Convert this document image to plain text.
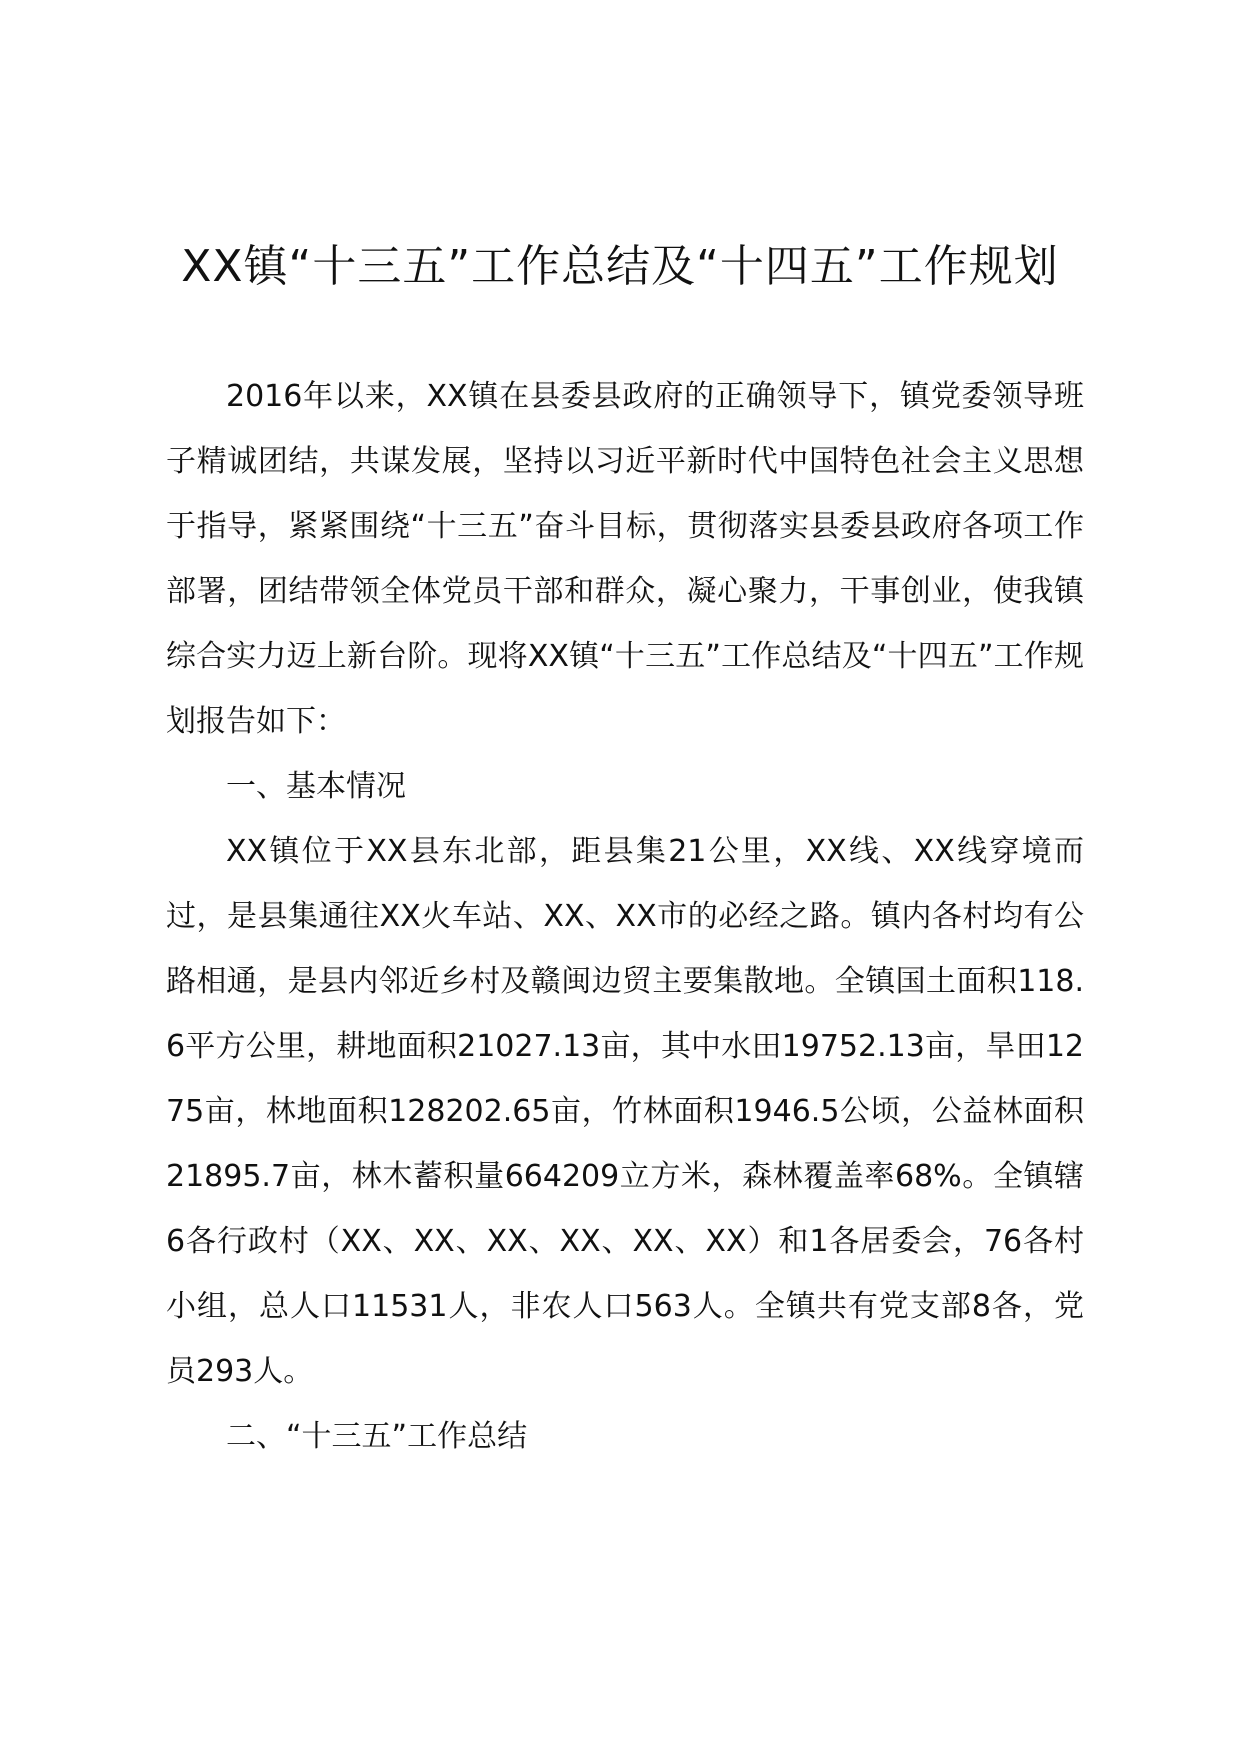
XX镇“十三五”工作总结及“十四五”工作规划

2016年以来，XX镇在县委县政府的正确领导下，镇党委领导班子精诚团结，共谋发展，坚持以习近平新时代中国特色社会主义思想于指导，紧紧围绕“十三五”奋斗目标，贯彻落实县委县政府各项工作部署，团结带领全体党员干部和群众，凝心聚力，干事创业，使我镇综合实力迈上新台阶。现将XX镇“十三五”工作总结及“十四五”工作规划报告如下：

一、基本情况

XX镇位于XX县东北部，距县集21公里，XX线、XX线穿境而过，是县集通往XX火车站、XX、XX市的必经之路。镇内各村均有公路相通，是县内邻近乡村及赣闽边贸主要集散地。全镇国土面积118.6平方公里，耕地面积21027.13亩，其中水田19752.13亩，旱田1275亩，林地面积128202.65亩，竹林面积1946.5公顷，公益林面积21895.7亩，林木蓄积量664209立方米，森林覆盖率68%。全镇辖6各行政村（XX、XX、XX、XX、XX、XX）和1各居委会，76各村小组，总人口11531人，非农人口563人。全镇共有党支部8各，党员293人。

二、“十三五”工作总结
